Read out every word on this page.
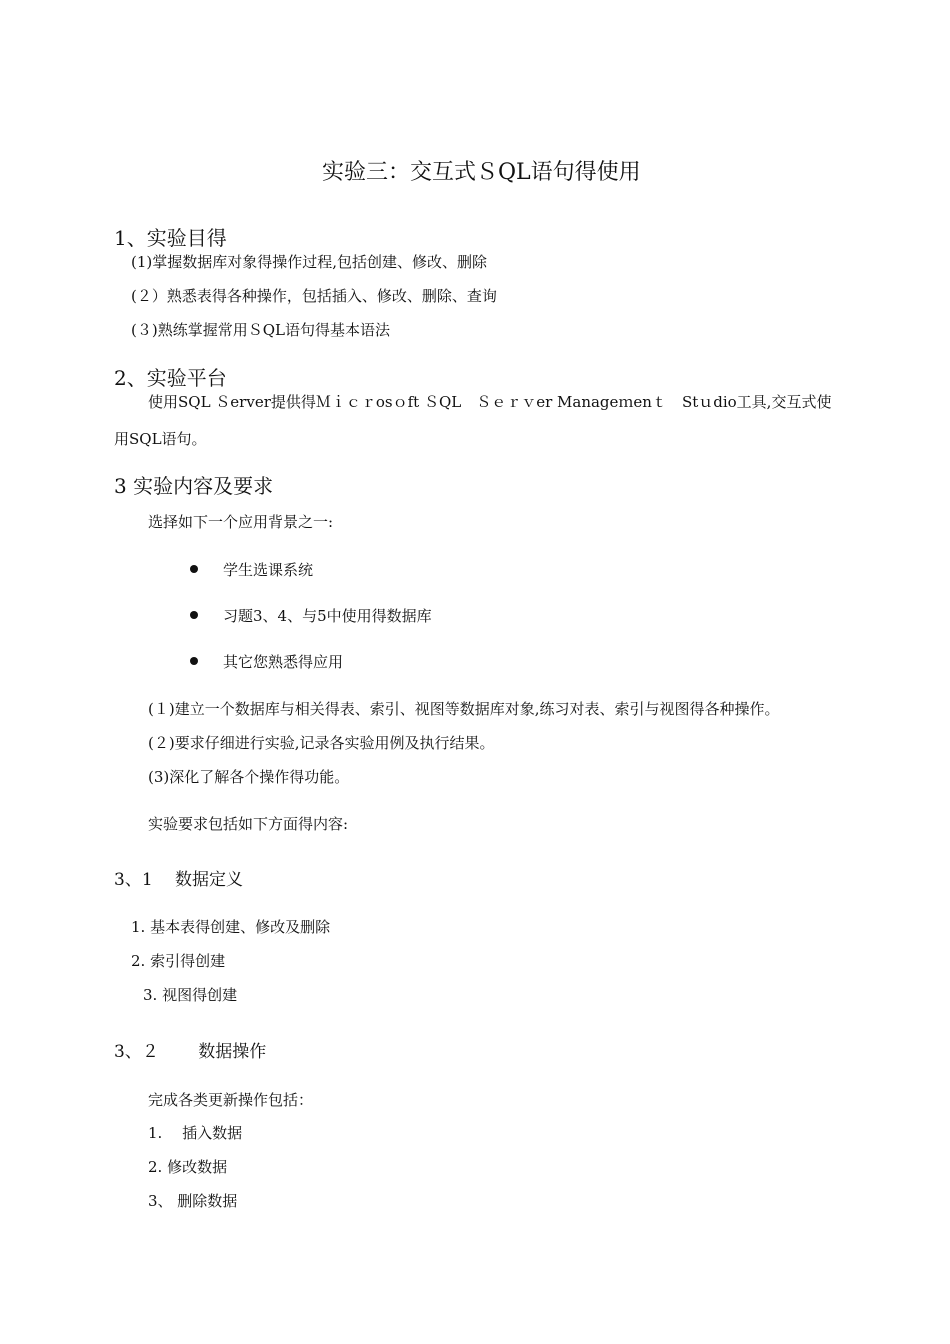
实验三：交互式ＳQL语句得使用
1、实验目得
(1)掌握数据库对象得操作过程,包括创建、修改、删除
(２）熟悉表得各种操作，包括插入、修改、删除、查询
(３)熟练掌握常用ＳQL语句得基本语法
2、实验平台
使用SQL Ｓerver提供得Ｍｉｃｒosｏft ＳQL　Ｓｅｒｖer Manageｍenｔ　Stｕdio工具,交互式使
用SQL语句。
3 实验内容及要求
选择如下一个应用背景之一:
学生选课系统
习题3、4、与5中使用得数据库
其它您熟悉得应用
(１)建立一个数据库与相关得表、索引、视图等数据库对象,练习对表、索引与视图得各种操作。
(２)要求仔细进行实验,记录各实验用例及执行结果。
(3)深化了解各个操作得功能。
实验要求包括如下方面得内容:
3、1　 数据定义
1. 基本表得创建、修改及删除
2. 索引得创建
3. 视图得创建
3、２　　 数据操作
完成各类更新操作包括：
1.　 插入数据
2. 修改数据
3、 删除数据
